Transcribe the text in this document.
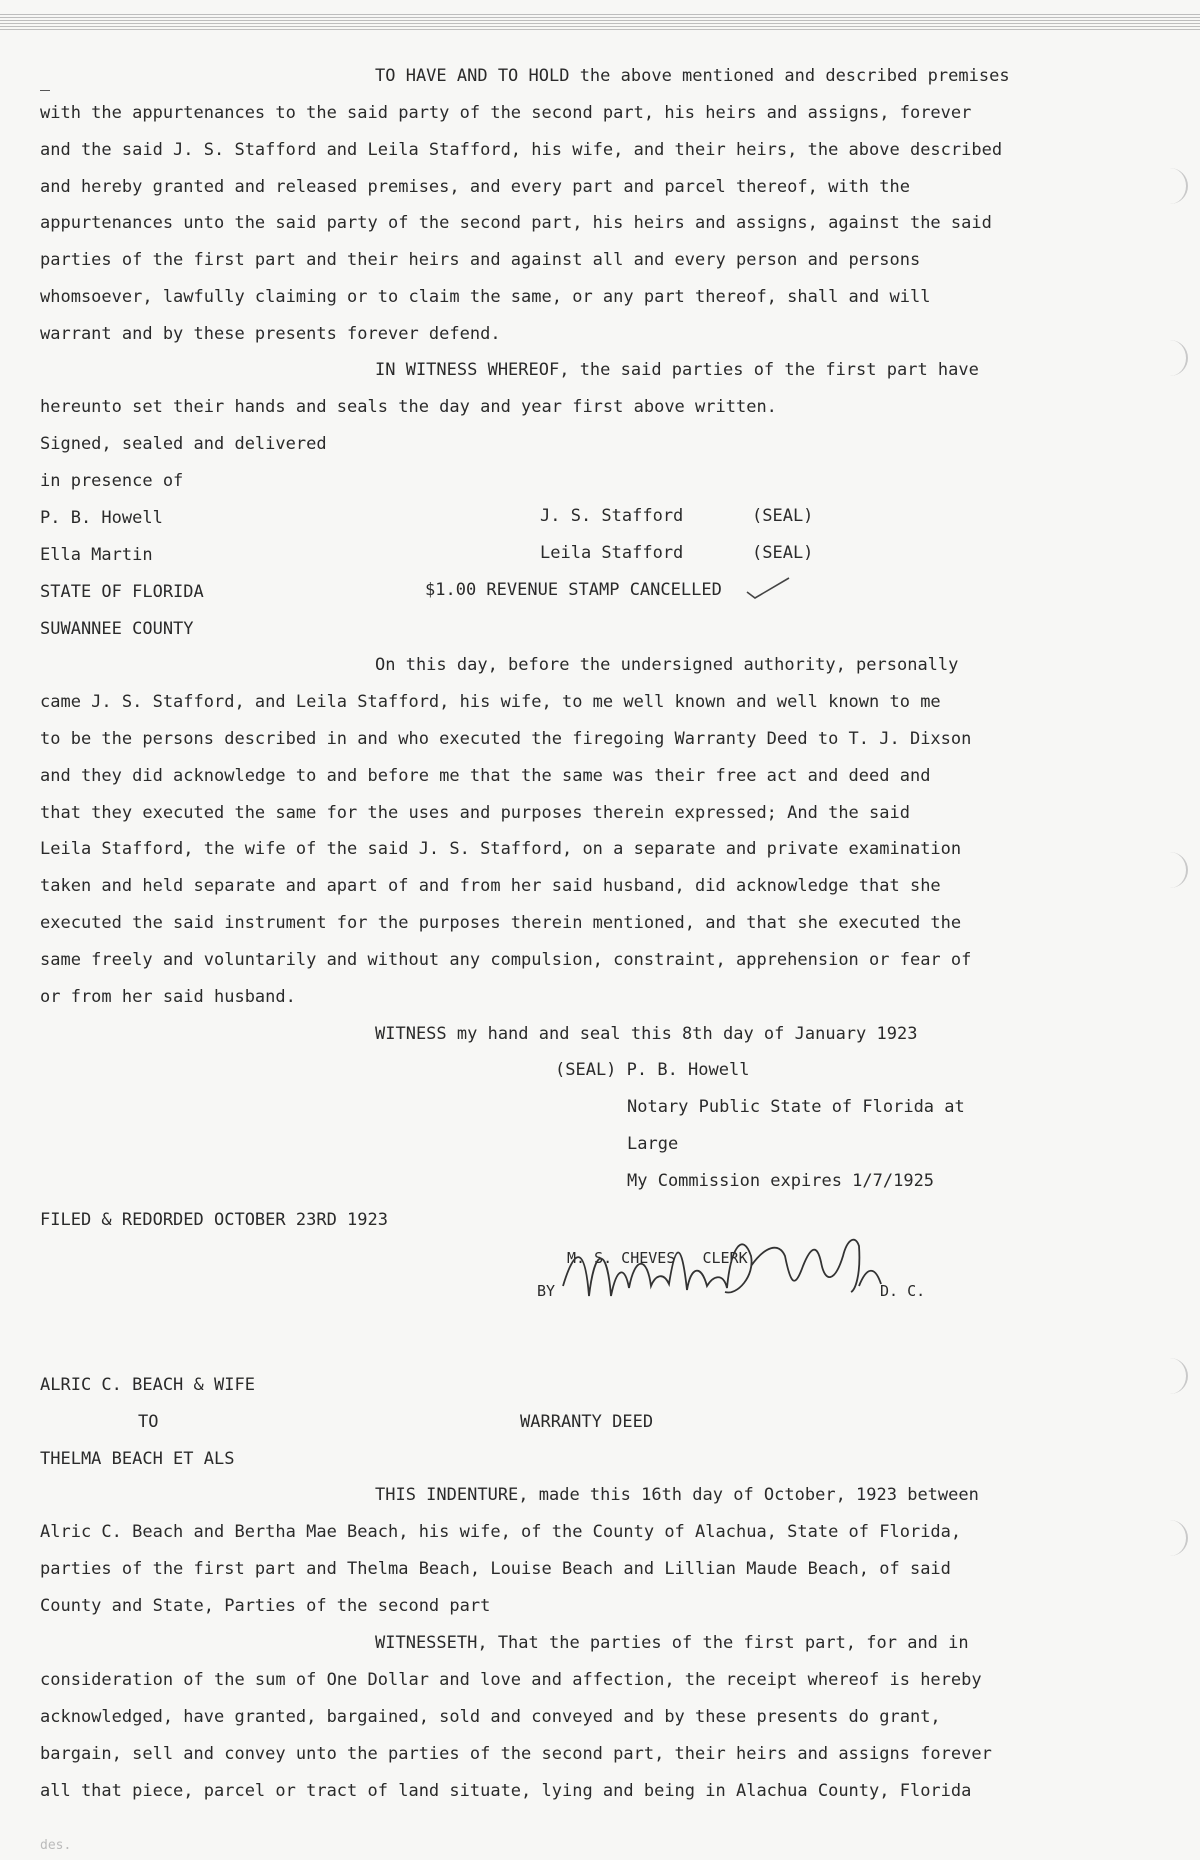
TO HAVE AND TO HOLD the above mentioned and described premises
with the appurtenances to the said party of the second part, his heirs and assigns, forever
and the said J. S. Stafford and Leila Stafford, his wife, and their heirs, the above described
and hereby granted and released premises, and every part and parcel thereof, with the
appurtenances unto the said party of the second part, his heirs and assigns, against the said
parties of the first part and their heirs and against all and every person and persons
whomsoever, lawfully claiming or to claim the same, or any part thereof, shall and will
warrant and by these presents forever defend.
IN WITNESS WHEREOF, the said parties of the first part have
hereunto set their hands and seals the day and year first above written.
Signed, sealed and delivered
in presence of
P. B. Howell	J. S. Stafford	(SEAL)
Ella Martin	Leila Stafford	(SEAL)
STATE OF FLORIDA	$1.00 REVENUE STAMP CANCELLED
SUWANNEE COUNTY
On this day, before the undersigned authority, personally
came J. S. Stafford, and Leila Stafford, his wife, to me well known and well known to me
to be the persons described in and who executed the firegoing Warranty Deed to T. J. Dixson
and they did acknowledge to and before me that the same was their free act and deed and
that they executed the same for the uses and purposes therein expressed; And the said
Leila Stafford, the wife of the said J. S. Stafford, on a separate and private examination
taken and held separate and apart of and from her said husband, did acknowledge that she
executed the said instrument for the purposes therein mentioned, and that she executed the
same freely and voluntarily and without any compulsion, constraint, apprehension or fear of
or from her said husband.
WITNESS my hand and seal this 8th day of January 1923
(SEAL) P. B. Howell
Notary Public State of Florida at
Large
My Commission expires 1/7/1925
FILED & REDORDED OCTOBER 23RD 1923
M. S. CHEVES   CLERK
BY	D. C.
ALRIC C. BEACH & WIFE
TO	WARRANTY DEED
THELMA BEACH ET ALS
THIS INDENTURE, made this 16th day of October, 1923 between
Alric C. Beach and Bertha Mae Beach, his wife, of the County of Alachua, State of Florida,
parties of the first part and Thelma Beach, Louise Beach and Lillian Maude Beach, of said
County and State, Parties of the second part
WITNESSETH, That the parties of the first part, for and in
consideration of the sum of One Dollar and love and affection, the receipt whereof is hereby
acknowledged, have granted, bargained, sold and conveyed and by these presents do grant,
bargain, sell and convey unto the parties of the second part, their heirs and assigns forever
all that piece, parcel or tract of land situate, lying and being in Alachua County, Florida
des.
